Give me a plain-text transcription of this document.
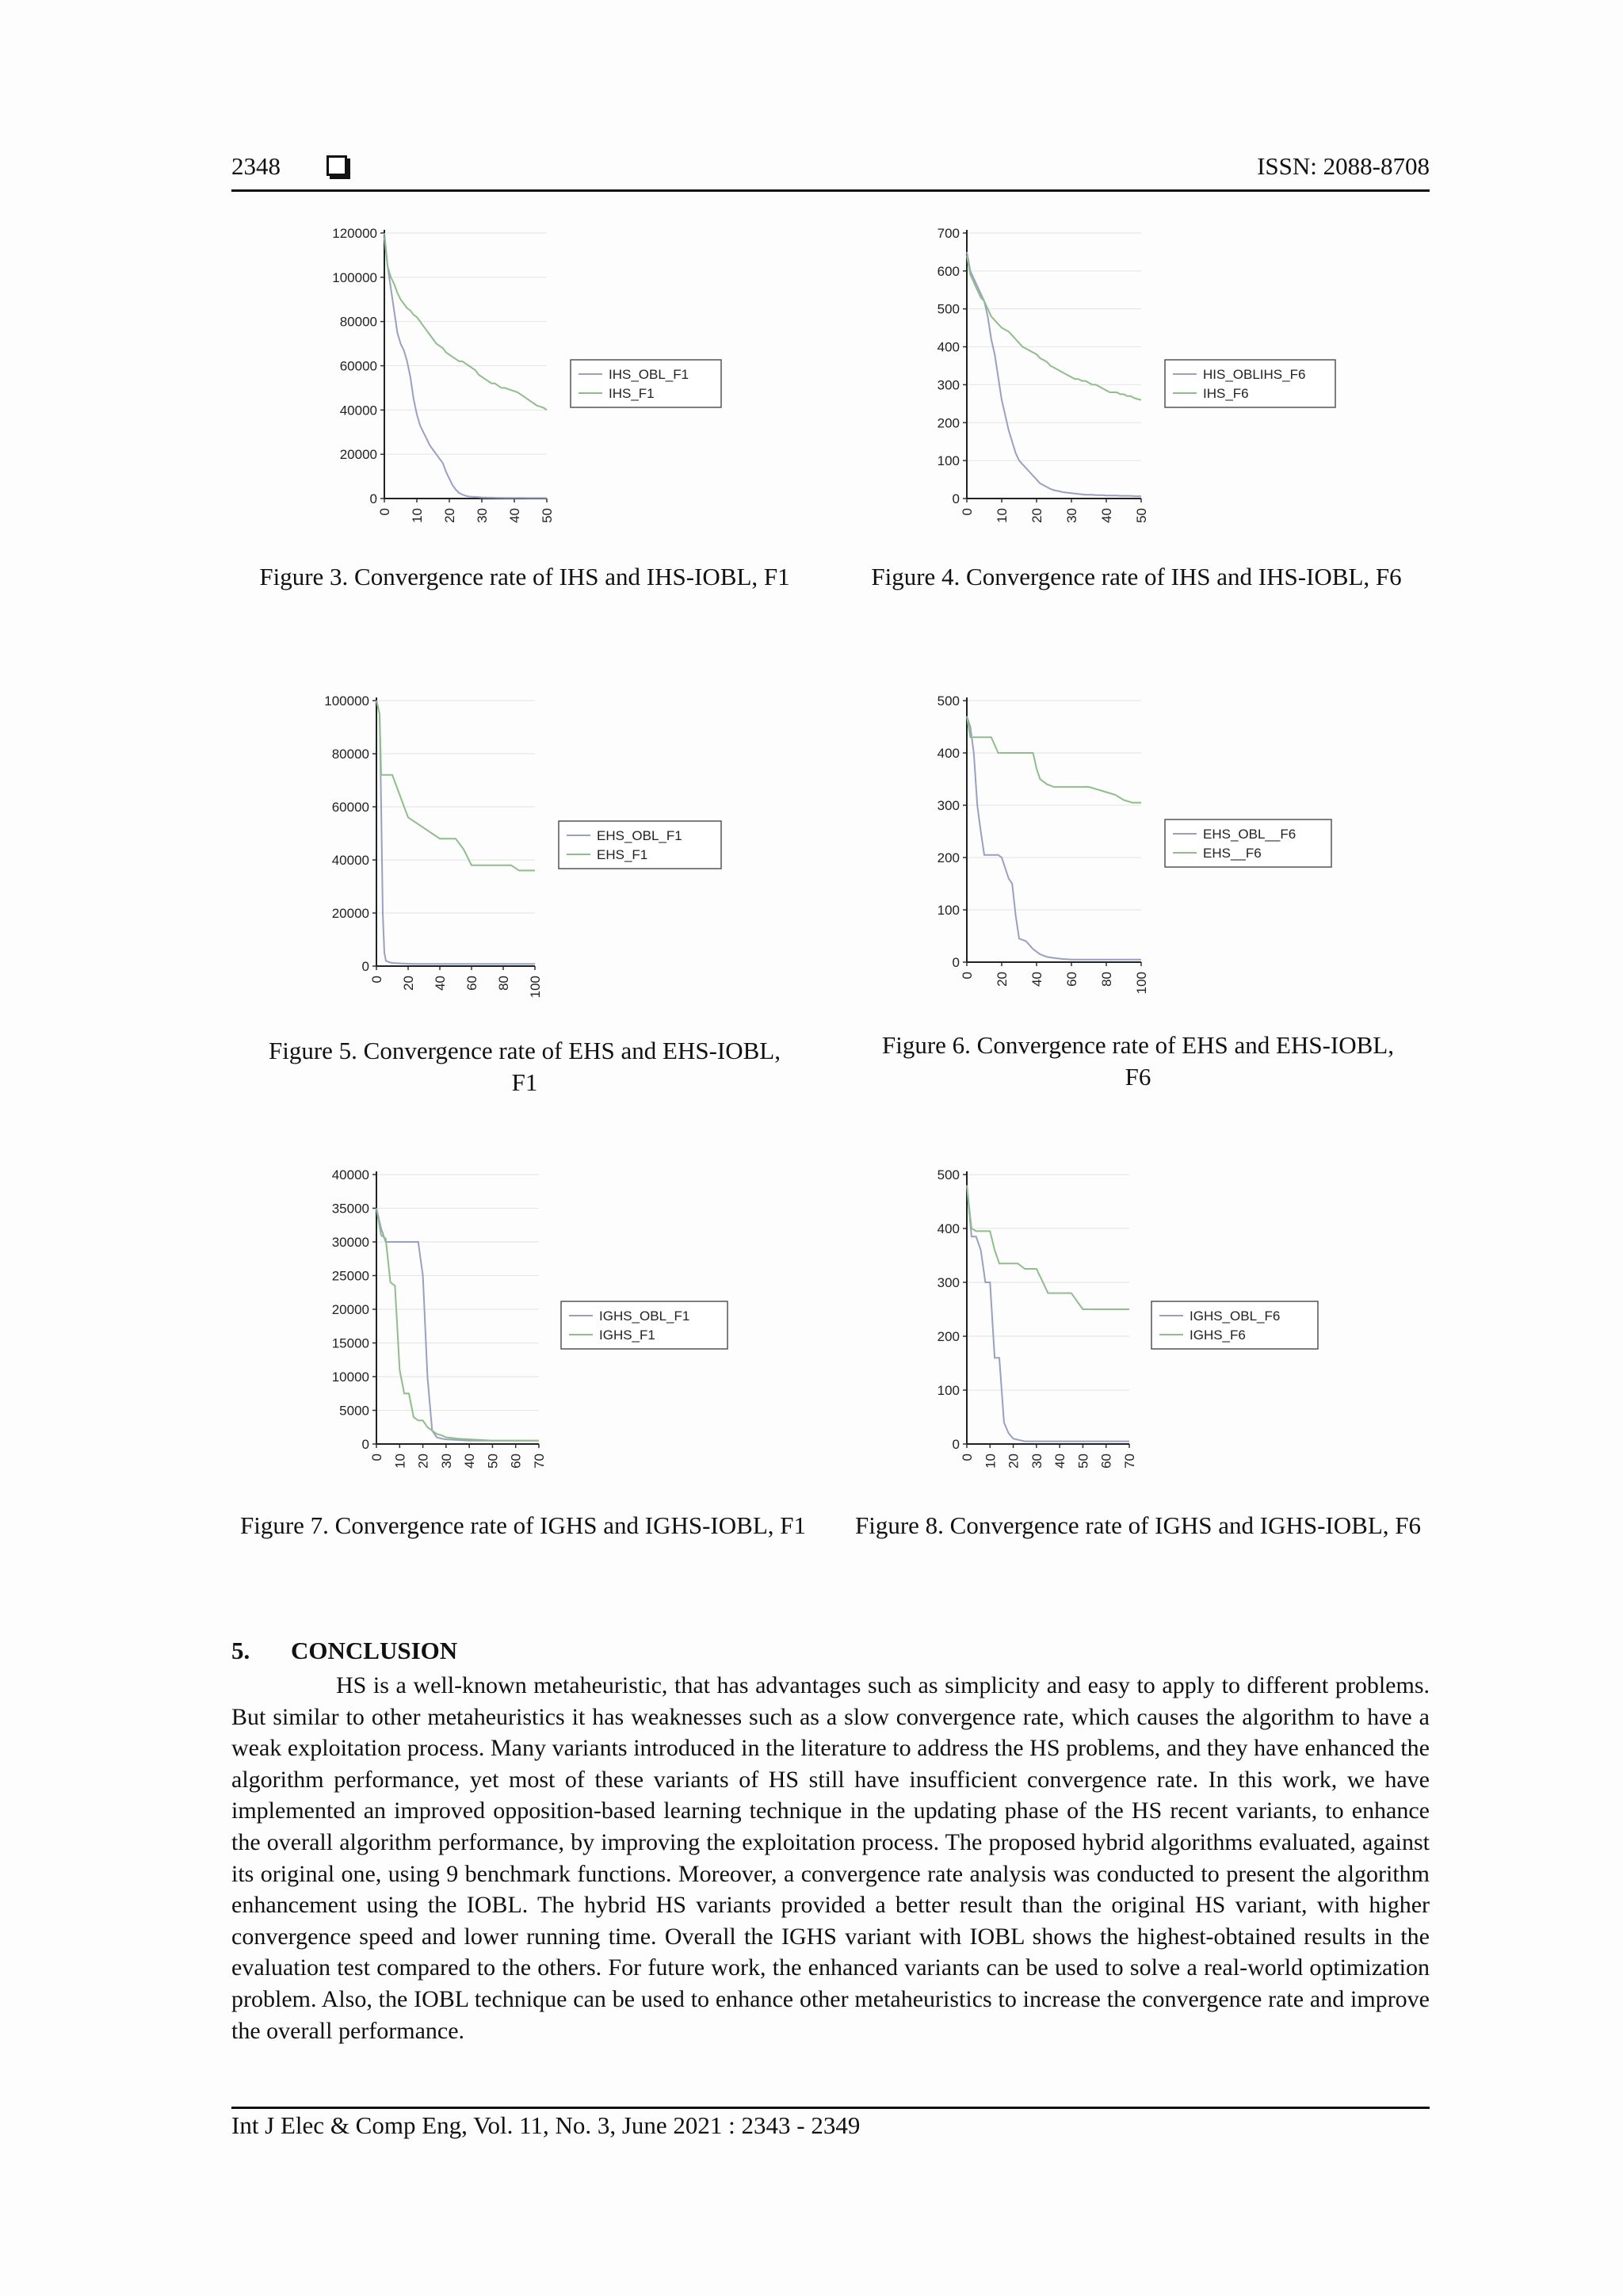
2348	ISSN: 2088-8708
0
20000
40000
60000
80000
100000
120000
0 10 20 30 40 50
IHS_OBL_F1
IHS_F1
Figure 3. Convergence rate of IHS and IHS-IOBL, F1
0
100
200
300
400
500
600
700
0 10 20 30 40 50
HIS_OBLIHS_F6
IHS_F6
Figure 4. Convergence rate of IHS and IHS-IOBL, F6
0
20000
40000
60000
80000
100000
0 20 40 60 80 100
EHS_OBL_F1
EHS_F1
Figure 5. Convergence rate of EHS and EHS-IOBL, F1
0
100
200
300
400
500
0 20 40 60 80 100
EHS_OBL__F6
EHS__F6
Figure 6. Convergence rate of EHS and EHS-IOBL, F6
0
5000
10000
15000
20000
25000
30000
35000
40000
0 10 20 30 40 50 60 70
IGHS_OBL_F1
IGHS_F1
Figure 7. Convergence rate of IGHS and IGHS-IOBL, F1
0
100
200
300
400
500
0 10 20 30 40 50 60 70
IGHS_OBL_F6
IGHS_F6
Figure 8. Convergence rate of IGHS and IGHS-IOBL, F6
5. CONCLUSION
HS is a well-known metaheuristic, that has advantages such as simplicity and easy to apply to different problems. But similar to other metaheuristics it has weaknesses such as a slow convergence rate, which causes the algorithm to have a weak exploitation process. Many variants introduced in the literature to address the HS problems, and they have enhanced the algorithm performance, yet most of these variants of HS still have insufficient convergence rate. In this work, we have implemented an improved opposition-based learning technique in the updating phase of the HS recent variants, to enhance the overall algorithm performance, by improving the exploitation process. The proposed hybrid algorithms evaluated, against its original one, using 9 benchmark functions. Moreover, a convergence rate analysis was conducted to present the algorithm enhancement using the IOBL. The hybrid HS variants provided a better result than the original HS variant, with higher convergence speed and lower running time. Overall the IGHS variant with IOBL shows the highest-obtained results in the evaluation test compared to the others. For future work, the enhanced variants can be used to solve a real-world optimization problem. Also, the IOBL technique can be used to enhance other metaheuristics to increase the convergence rate and improve the overall performance.
Int J Elec & Comp Eng, Vol. 11, No. 3, June 2021 : 2343 - 2349
